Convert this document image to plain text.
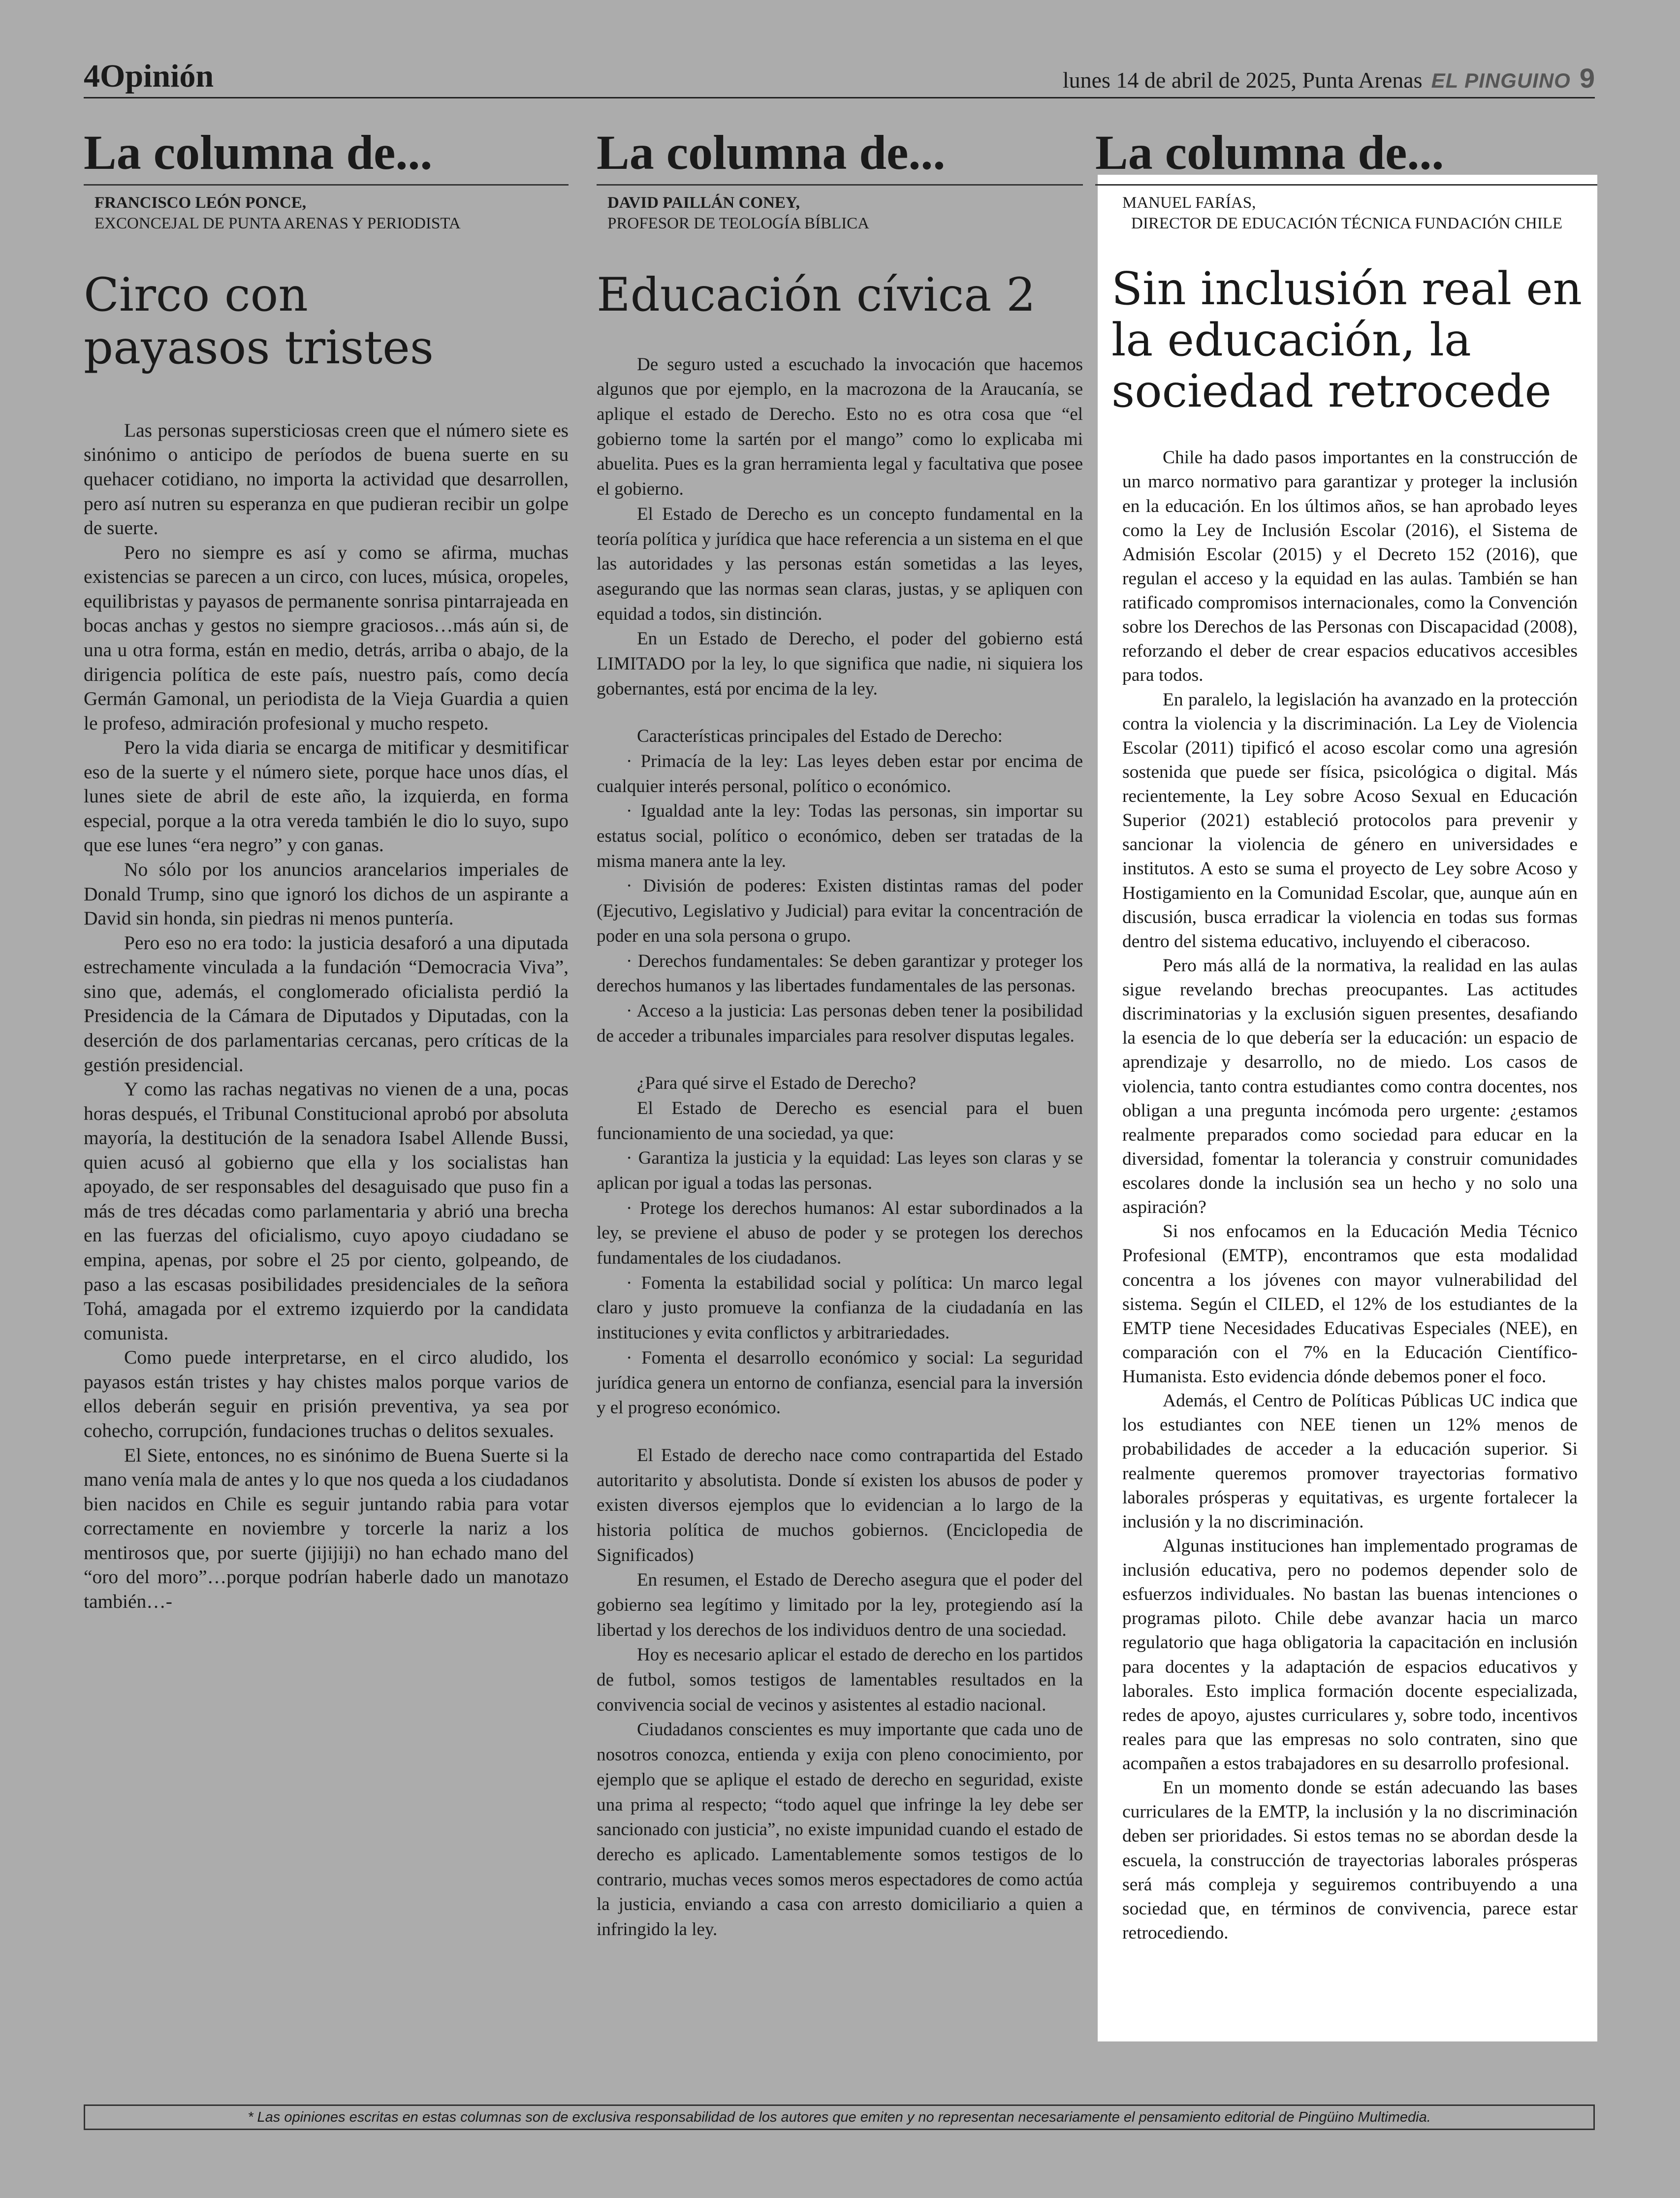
4Opinión	lunes 14 de abril de 2025, Punta Arenas EL PINGUINO 9
La columna de...
FRANCISCO LEÓN PONCE,
EXCONCEJAL DE PUNTA ARENAS Y PERIODISTA
Circo con payasos tristes

Las personas supersticiosas creen que el número siete es sinónimo o anticipo de períodos de buena suerte en su quehacer cotidiano, no importa la actividad que desarrollen, pero así nutren su esperanza en que pudieran recibir un golpe de suerte.

Pero no siempre es así y como se afirma, muchas existencias se parecen a un circo, con luces, música, oropeles, equilibristas y payasos de permanente sonrisa pintarrajeada en bocas anchas y gestos no siempre graciosos…más aún si, de una u otra forma, están en medio, detrás, arriba o abajo, de la dirigencia política de este país, nuestro país, como decía Germán Gamonal, un periodista de la Vieja Guardia a quien le profeso, admiración profesional y mucho respeto.

Pero la vida diaria se encarga de mitificar y desmitificar eso de la suerte y el número siete, porque hace unos días, el lunes siete de abril de este año, la izquierda, en forma especial, porque a la otra vereda también le dio lo suyo, supo que ese lunes “era negro” y con ganas.

No sólo por los anuncios arancelarios imperiales de Donald Trump, sino que ignoró los dichos de un aspirante a David sin honda, sin piedras ni menos puntería.

Pero eso no era todo: la justicia desaforó a una diputada estrechamente vinculada a la fundación “Democracia Viva”, sino que, además, el conglomerado oficialista perdió la Presidencia de la Cámara de Diputados y Diputadas, con la deserción de dos parlamentarias cercanas, pero críticas de la gestión presidencial.

Y como las rachas negativas no vienen de a una, pocas horas después, el Tribunal Constitucional aprobó por absoluta mayoría, la destitución de la senadora Isabel Allende Bussi, quien acusó al gobierno que ella y los socialistas han apoyado, de ser responsables del desaguisado que puso fin a más de tres décadas como parlamentaria y abrió una brecha en las fuerzas del oficialismo, cuyo apoyo ciudadano se empina, apenas, por sobre el 25 por ciento, golpeando, de paso a las escasas posibilidades presidenciales de la señora Tohá, amagada por el extremo izquierdo por la candidata comunista.

Como puede interpretarse, en el circo aludido, los payasos están tristes y hay chistes malos porque varios de ellos deberán seguir en prisión preventiva, ya sea por cohecho, corrupción, fundaciones truchas o delitos sexuales.

El Siete, entonces, no es sinónimo de Buena Suerte si la mano venía mala de antes y lo que nos queda a los ciudadanos bien nacidos en Chile es seguir juntando rabia para votar correctamente en noviembre y torcerle la nariz a los mentirosos que, por suerte (jijijiji) no han echado mano del “oro del moro”…porque podrían haberle dado un manotazo también…-

La columna de...
DAVID PAILLÁN CONEY,
PROFESOR DE TEOLOGÍA BÍBLICA
Educación cívica 2

De seguro usted a escuchado la invocación que hacemos algunos que por ejemplo, en la macrozona de la Araucanía, se aplique el estado de Derecho. Esto no es otra cosa que “el gobierno tome la sartén por el mango” como lo explicaba mi abuelita. Pues es la gran herramienta legal y facultativa que posee el gobierno.

El Estado de Derecho es un concepto fundamental en la teoría política y jurídica que hace referencia a un sistema en el que las autoridades y las personas están sometidas a las leyes, asegurando que las normas sean claras, justas, y se apliquen con equidad a todos, sin distinción.

En un Estado de Derecho, el poder del gobierno está LIMITADO por la ley, lo que significa que nadie, ni siquiera los gobernantes, está por encima de la ley.

Características principales del Estado de Derecho:

· Primacía de la ley: Las leyes deben estar por encima de cualquier interés personal, político o económico.

· Igualdad ante la ley: Todas las personas, sin importar su estatus social, político o económico, deben ser tratadas de la misma manera ante la ley.

· División de poderes: Existen distintas ramas del poder (Ejecutivo, Legislativo y Judicial) para evitar la concentración de poder en una sola persona o grupo.

· Derechos fundamentales: Se deben garantizar y proteger los derechos humanos y las libertades fundamentales de las personas.

· Acceso a la justicia: Las personas deben tener la posibilidad de acceder a tribunales imparciales para resolver disputas legales.

¿Para qué sirve el Estado de Derecho?

El Estado de Derecho es esencial para el buen funcionamiento de una sociedad, ya que:

· Garantiza la justicia y la equidad: Las leyes son claras y se aplican por igual a todas las personas.

· Protege los derechos humanos: Al estar subordinados a la ley, se previene el abuso de poder y se protegen los derechos fundamentales de los ciudadanos.

· Fomenta la estabilidad social y política: Un marco legal claro y justo promueve la confianza de la ciudadanía en las instituciones y evita conflictos y arbitrariedades.

· Fomenta el desarrollo económico y social: La seguridad jurídica genera un entorno de confianza, esencial para la inversión y el progreso económico.

El Estado de derecho nace como contrapartida del Estado autoritarito y absolutista. Donde sí existen los abusos de poder y existen diversos ejemplos que lo evidencian a lo largo de la historia política de muchos gobiernos. (Enciclopedia de Significados)

En resumen, el Estado de Derecho asegura que el poder del gobierno sea legítimo y limitado por la ley, protegiendo así la libertad y los derechos de los individuos dentro de una sociedad.

Hoy es necesario aplicar el estado de derecho en los partidos de futbol, somos testigos de lamentables resultados en la convivencia social de vecinos y asistentes al estadio nacional.

Ciudadanos conscientes es muy importante que cada uno de nosotros conozca, entienda y exija con pleno conocimiento, por ejemplo que se aplique el estado de derecho en seguridad, existe una prima al respecto; “todo aquel que infringe la ley debe ser sancionado con justicia”, no existe impunidad cuando el estado de derecho es aplicado. Lamentablemente somos testigos de lo contrario, muchas veces somos meros espectadores de como actúa la justicia, enviando a casa con arresto domiciliario a quien a infringido la ley.

La columna de...
MANUEL FARÍAS,
DIRECTOR DE EDUCACIÓN TÉCNICA FUNDACIÓN CHILE
Sin inclusión real en la educación, la sociedad retrocede

Chile ha dado pasos importantes en la construcción de un marco normativo para garantizar y proteger la inclusión en la educación. En los últimos años, se han aprobado leyes como la Ley de Inclusión Escolar (2016), el Sistema de Admisión Escolar (2015) y el Decreto 152 (2016), que regulan el acceso y la equidad en las aulas. También se han ratificado compromisos internacionales, como la Convención sobre los Derechos de las Personas con Discapacidad (2008), reforzando el deber de crear espacios educativos accesibles para todos.

En paralelo, la legislación ha avanzado en la protección contra la violencia y la discriminación. La Ley de Violencia Escolar (2011) tipificó el acoso escolar como una agresión sostenida que puede ser física, psicológica o digital. Más recientemente, la Ley sobre Acoso Sexual en Educación Superior (2021) estableció protocolos para prevenir y sancionar la violencia de género en universidades e institutos. A esto se suma el proyecto de Ley sobre Acoso y Hostigamiento en la Comunidad Escolar, que, aunque aún en discusión, busca erradicar la violencia en todas sus formas dentro del sistema educativo, incluyendo el ciberacoso.

Pero más allá de la normativa, la realidad en las aulas sigue revelando brechas preocupantes. Las actitudes discriminatorias y la exclusión siguen presentes, desafiando la esencia de lo que debería ser la educación: un espacio de aprendizaje y desarrollo, no de miedo. Los casos de violencia, tanto contra estudiantes como contra docentes, nos obligan a una pregunta incómoda pero urgente: ¿estamos realmente preparados como sociedad para educar en la diversidad, fomentar la tolerancia y construir comunidades escolares donde la inclusión sea un hecho y no solo una aspiración?

Si nos enfocamos en la Educación Media Técnico Profesional (EMTP), encontramos que esta modalidad concentra a los jóvenes con mayor vulnerabilidad del sistema. Según el CILED, el 12% de los estudiantes de la EMTP tiene Necesidades Educativas Especiales (NEE), en comparación con el 7% en la Educación Científico-Humanista. Esto evidencia dónde debemos poner el foco.

Además, el Centro de Políticas Públicas UC indica que los estudiantes con NEE tienen un 12% menos de probabilidades de acceder a la educación superior. Si realmente queremos promover trayectorias formativo laborales prósperas y equitativas, es urgente fortalecer la inclusión y la no discriminación.

Algunas instituciones han implementado programas de inclusión educativa, pero no podemos depender solo de esfuerzos individuales. No bastan las buenas intenciones o programas piloto. Chile debe avanzar hacia un marco regulatorio que haga obligatoria la capacitación en inclusión para docentes y la adaptación de espacios educativos y laborales. Esto implica formación docente especializada, redes de apoyo, ajustes curriculares y, sobre todo, incentivos reales para que las empresas no solo contraten, sino que acompañen a estos trabajadores en su desarrollo profesional.

En un momento donde se están adecuando las bases curriculares de la EMTP, la inclusión y la no discriminación deben ser prioridades. Si estos temas no se abordan desde la escuela, la construcción de trayectorias laborales prósperas será más compleja y seguiremos contribuyendo a una sociedad que, en términos de convivencia, parece estar retrocediendo.

* Las opiniones escritas en estas columnas son de exclusiva responsabilidad de los autores que emiten y no representan necesariamente el pensamiento editorial de Pingüino Multimedia.
